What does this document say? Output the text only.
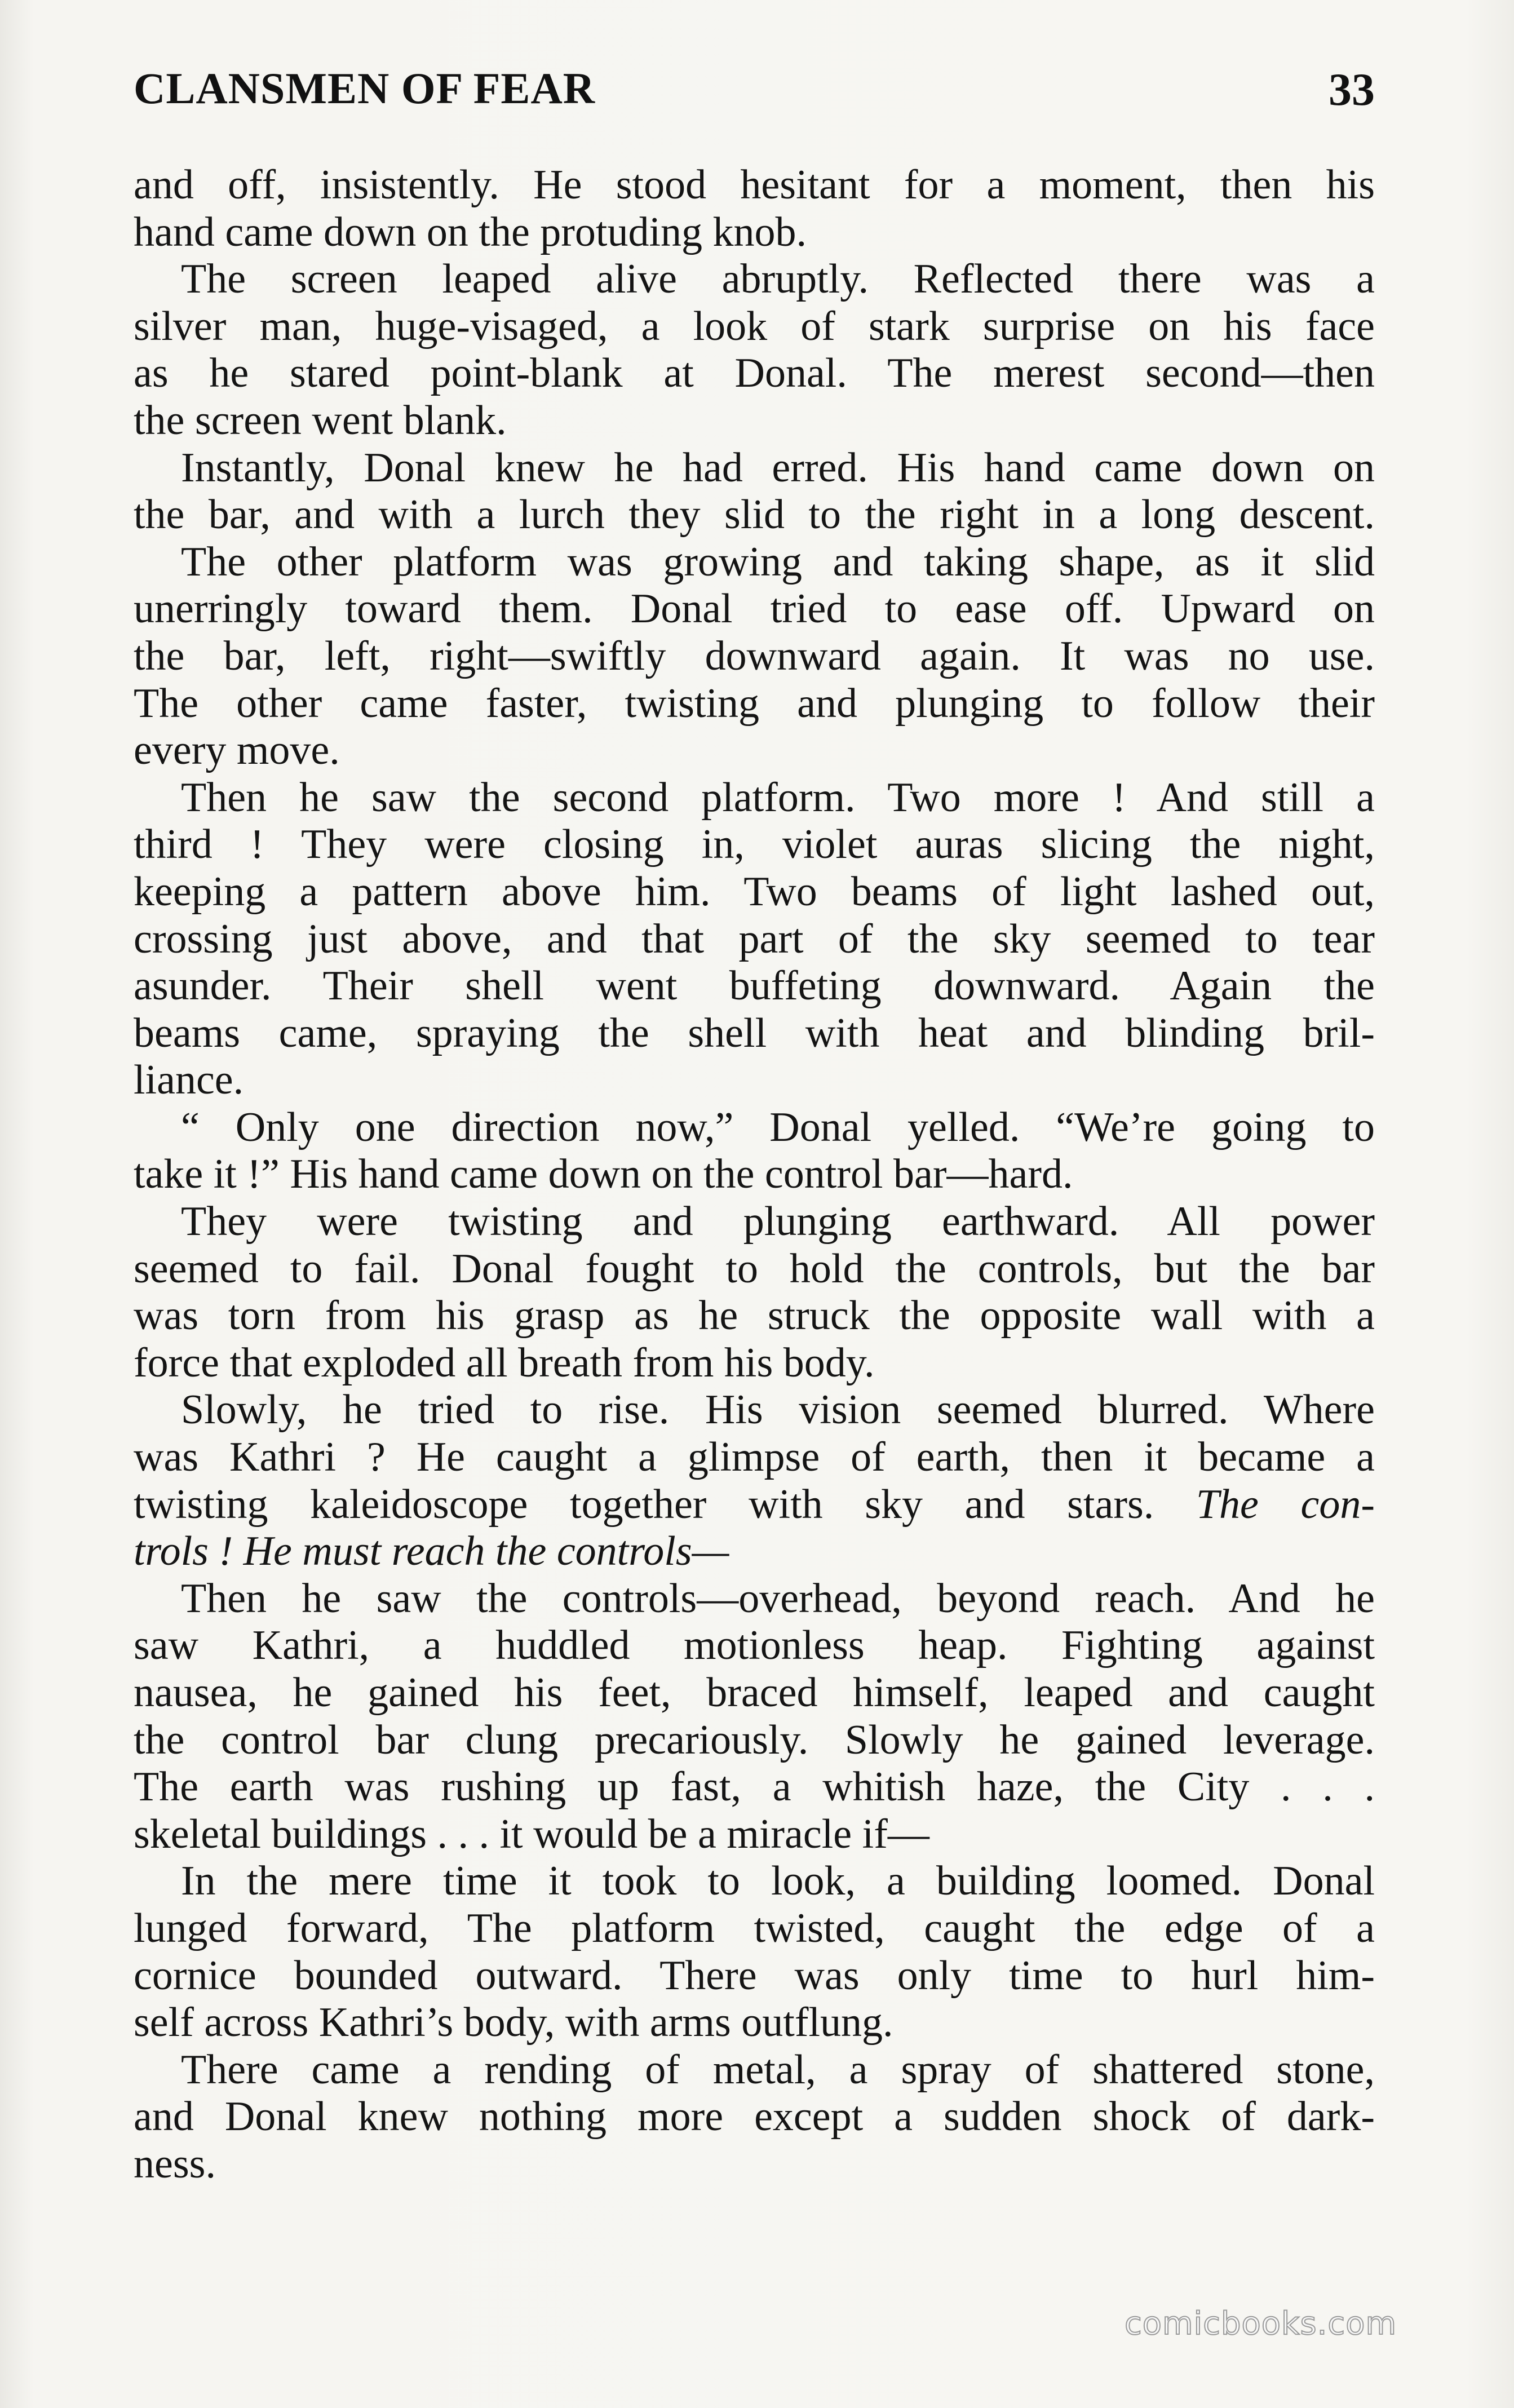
CLANSMEN OF FEAR	33
and off, insistently. He stood hesitant for a moment, then his
hand came down on the protuding knob.
The screen leaped alive abruptly. Reflected there was a
silver man, huge-visaged, a look of stark surprise on his face
as he stared point-blank at Donal. The merest second—then
the screen went blank.
Instantly, Donal knew he had erred. His hand came down on
the bar, and with a lurch they slid to the right in a long descent.
The other platform was growing and taking shape, as it slid
unerringly toward them. Donal tried to ease off. Upward on
the bar, left, right—swiftly downward again. It was no use.
The other came faster, twisting and plunging to follow their
every move.
Then he saw the second platform. Two more ! And still a
third ! They were closing in, violet auras slicing the night,
keeping a pattern above him. Two beams of light lashed out,
crossing just above, and that part of the sky seemed to tear
asunder. Their shell went buffeting downward. Again the
beams came, spraying the shell with heat and blinding bril-
liance.
“ Only one direction now,” Donal yelled. “We’re going to
take it !” His hand came down on the control bar—hard.
They were twisting and plunging earthward. All power
seemed to fail. Donal fought to hold the controls, but the bar
was torn from his grasp as he struck the opposite wall with a
force that exploded all breath from his body.
Slowly, he tried to rise. His vision seemed blurred. Where
was Kathri ? He caught a glimpse of earth, then it became a
twisting kaleidoscope together with sky and stars. The con-
trols ! He must reach the controls—
Then he saw the controls—overhead, beyond reach. And he
saw Kathri, a huddled motionless heap. Fighting against
nausea, he gained his feet, braced himself, leaped and caught
the control bar clung precariously. Slowly he gained leverage.
The earth was rushing up fast, a whitish haze, the City . . .
skeletal buildings . . . it would be a miracle if—
In the mere time it took to look, a building loomed. Donal
lunged forward, The platform twisted, caught the edge of a
cornice bounded outward. There was only time to hurl him-
self across Kathri’s body, with arms outflung.
There came a rending of metal, a spray of shattered stone,
and Donal knew nothing more except a sudden shock of dark-
ness.
comicbooks.com
